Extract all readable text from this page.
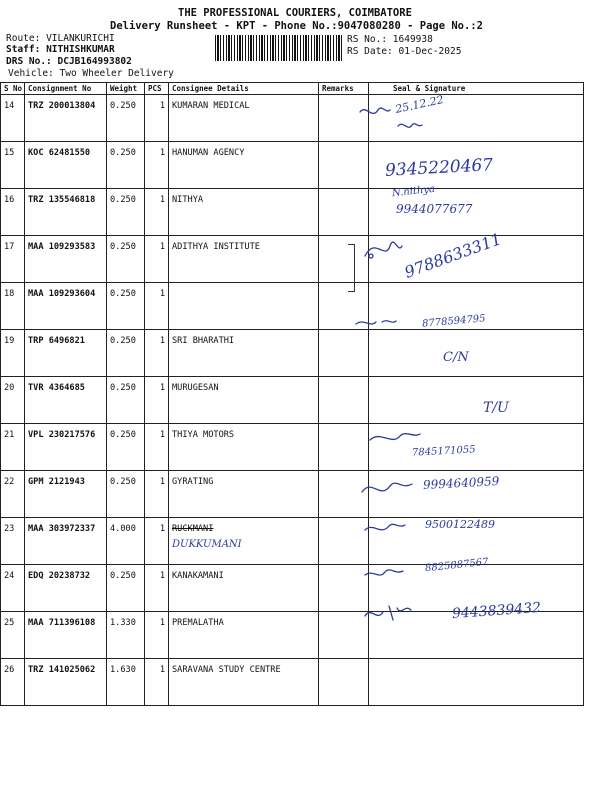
THE PROFESSIONAL COURIERS, COIMBATORE
Delivery Runsheet - KPT - Phone No.:9047080280 - Page No.:2
Route: VILANKURICHI
Staff: NITHISHKUMAR
DRS No.: DCJB164993802
Vehicle: Two Wheeler Delivery
RS No.: 1649938
RS Date: 01-Dec-2025
S No	Consignment No	Weight	PCS	Consignee Details	Remarks	Seal & Signature
14	TRZ 200013804	0.250	1	KUMARAN MEDICAL		
15	KOC 62481550	0.250	1	HANUMAN AGENCY		
16	TRZ 135546818	0.250	1	NITHYA		
17	MAA 109293583	0.250	1	ADITHYA INSTITUTE		
18	MAA 109293604	0.250	1			
19	TRP 6496821	0.250	1	SRI BHARATHI		
20	TVR 4364685	0.250	1	MURUGESAN		
21	VPL 230217576	0.250	1	THIYA MOTORS		
22	GPM 2121943	0.250	1	GYRATING		
23	MAA 303972337	4.000	1	RUCKMANI
DUKKUMANI		

24	EDQ 20238732	0.250	1	KANAKAMANI		
25	MAA 711396108	1.330	1	PREMALATHA		
26	TRZ 141025062	1.630	1	SARAVANA STUDY CENTRE		
25.12.22
9345220467
N.nithya
9944077677
9788633311
8778594795
C/N
T/U
7845171055
9994640959
9500122489
8825887567
9443839432
